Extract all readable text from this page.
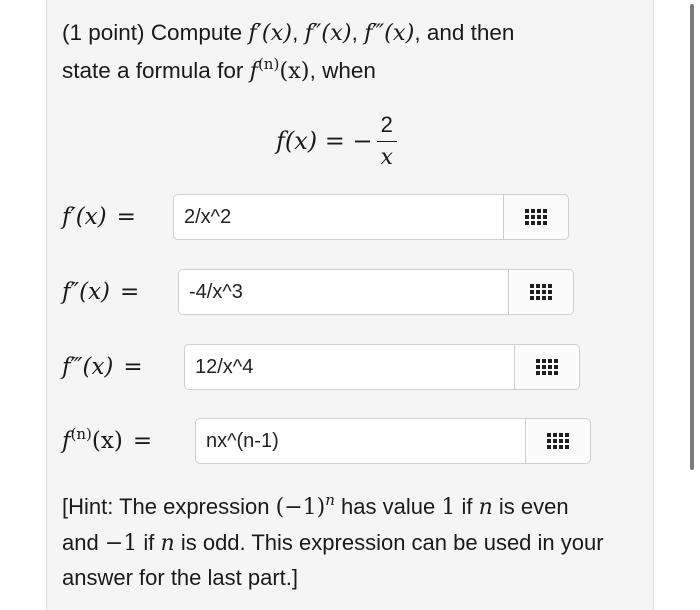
(1 point) Compute f′(x), f″(x), f‴(x), and then
state a formula for $f^{(n)}(x)$, when
f(x) = − $\frac{2}{x}$
f′(x) =	2/x^2
f″(x) =	-4/x^3
f‴(x) =	12/x^4
$f^{(n)}(x)$ =	nx^(n-1)
[Hint: The expression $(-1)^n$ has value 1 if n is even
and −1 if n is odd. This expression can be used in your answer for the last part.]
